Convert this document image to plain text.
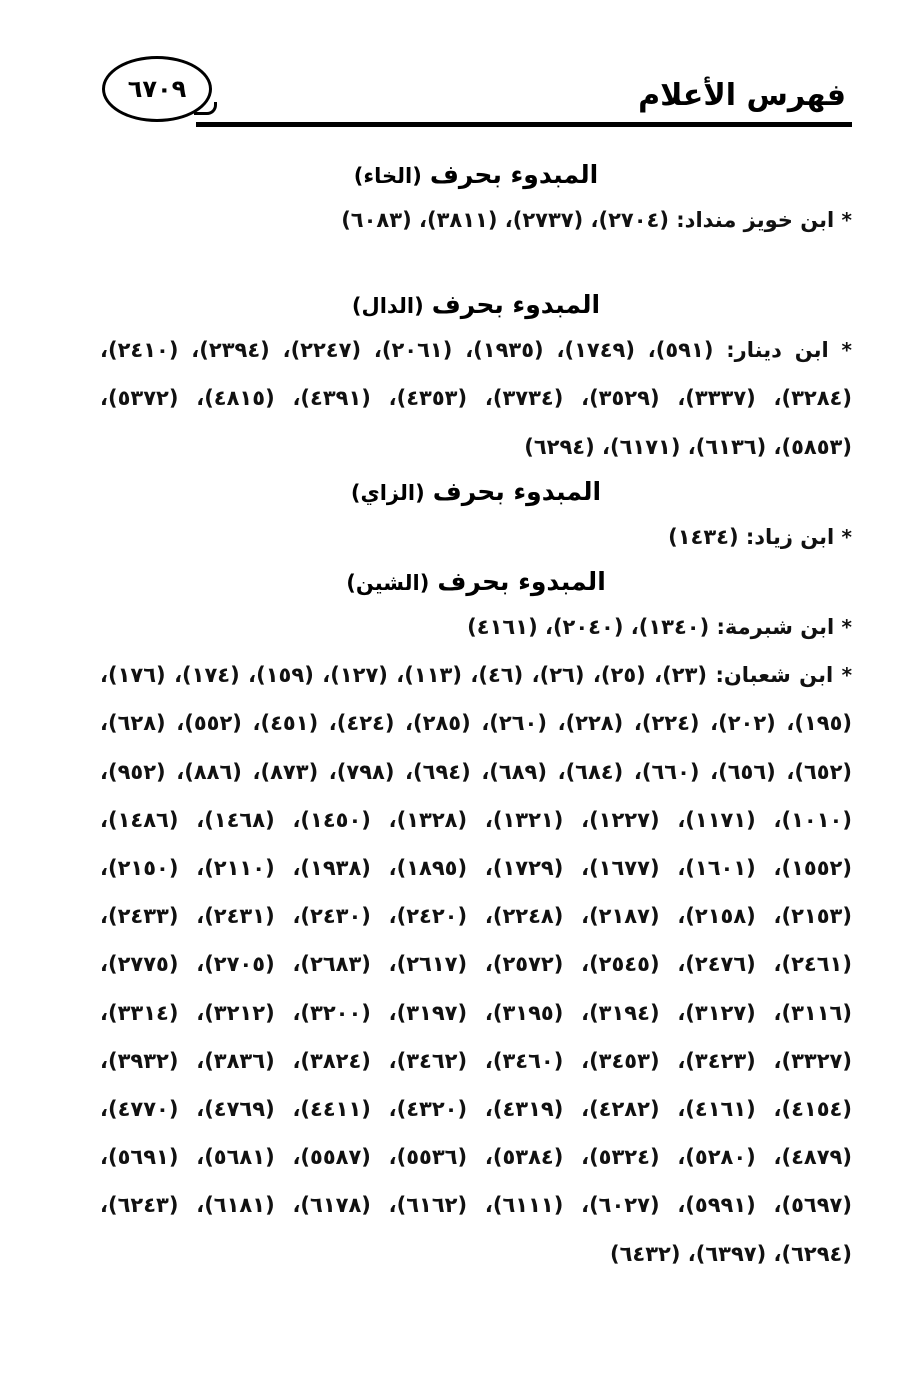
فهرس الأعلام
٦٧٠٩

المبدوء بحرف (الخاء)

* ابن خويز منداد: (٢٧٠٤)، (٢٧٣٧)، (٣٨١١)، (٦٠٨٣)

المبدوء بحرف (الدال)

* ابن دينار: (٥٩١)، (١٧٤٩)، (١٩٣٥)، (٢٠٦١)، (٢٢٤٧)، (٢٣٩٤)، (٢٤١٠)، (٣٢٨٤)، (٣٣٣٧)، (٣٥٢٩)، (٣٧٣٤)، (٤٣٥٣)، (٤٣٩١)، (٤٨١٥)، (٥٣٧٢)، (٥٨٥٣)، (٦١٣٦)، (٦١٧١)، (٦٢٩٤)

المبدوء بحرف (الزاي)

* ابن زياد: (١٤٣٤)

المبدوء بحرف (الشين)

* ابن شبرمة: (١٣٤٠)، (٢٠٤٠)، (٤١٦١)

* ابن شعبان: (٢٣)، (٢٥)، (٢٦)، (٤٦)، (١١٣)، (١٢٧)، (١٥٩)، (١٧٤)، (١٧٦)، (١٩٥)، (٢٠٢)، (٢٢٤)، (٢٢٨)، (٢٦٠)، (٢٨٥)، (٤٢٤)، (٤٥١)، (٥٥٢)، (٦٢٨)، (٦٥٢)، (٦٥٦)، (٦٦٠)، (٦٨٤)، (٦٨٩)، (٦٩٤)، (٧٩٨)، (٨٧٣)، (٨٨٦)، (٩٥٢)، (١٠١٠)، (١١٧١)، (١٢٢٧)، (١٣٢١)، (١٣٢٨)، (١٤٥٠)، (١٤٦٨)، (١٤٨٦)، (١٥٥٢)، (١٦٠١)، (١٦٧٧)، (١٧٢٩)، (١٨٩٥)، (١٩٣٨)، (٢١١٠)، (٢١٥٠)، (٢١٥٣)، (٢١٥٨)، (٢١٨٧)، (٢٢٤٨)، (٢٤٢٠)، (٢٤٣٠)، (٢٤٣١)، (٢٤٣٣)، (٢٤٦١)، (٢٤٧٦)، (٢٥٤٥)، (٢٥٧٢)، (٢٦١٧)، (٢٦٨٣)، (٢٧٠٥)، (٢٧٧٥)، (٣١١٦)، (٣١٢٧)، (٣١٩٤)، (٣١٩٥)، (٣١٩٧)، (٣٢٠٠)، (٣٢١٢)، (٣٣١٤)، (٣٣٢٧)، (٣٤٢٣)، (٣٤٥٣)، (٣٤٦٠)، (٣٤٦٢)، (٣٨٢٤)، (٣٨٣٦)، (٣٩٣٢)، (٤١٥٤)، (٤١٦١)، (٤٢٨٢)، (٤٣١٩)، (٤٣٢٠)، (٤٤١١)، (٤٧٦٩)، (٤٧٧٠)، (٤٨٧٩)، (٥٢٨٠)، (٥٣٢٤)، (٥٣٨٤)، (٥٥٣٦)، (٥٥٨٧)، (٥٦٨١)، (٥٦٩١)، (٥٦٩٧)، (٥٩٩١)، (٦٠٢٧)، (٦١١١)، (٦١٦٢)، (٦١٧٨)، (٦١٨١)، (٦٢٤٣)، (٦٢٩٤)، (٦٣٩٧)، (٦٤٣٢)
